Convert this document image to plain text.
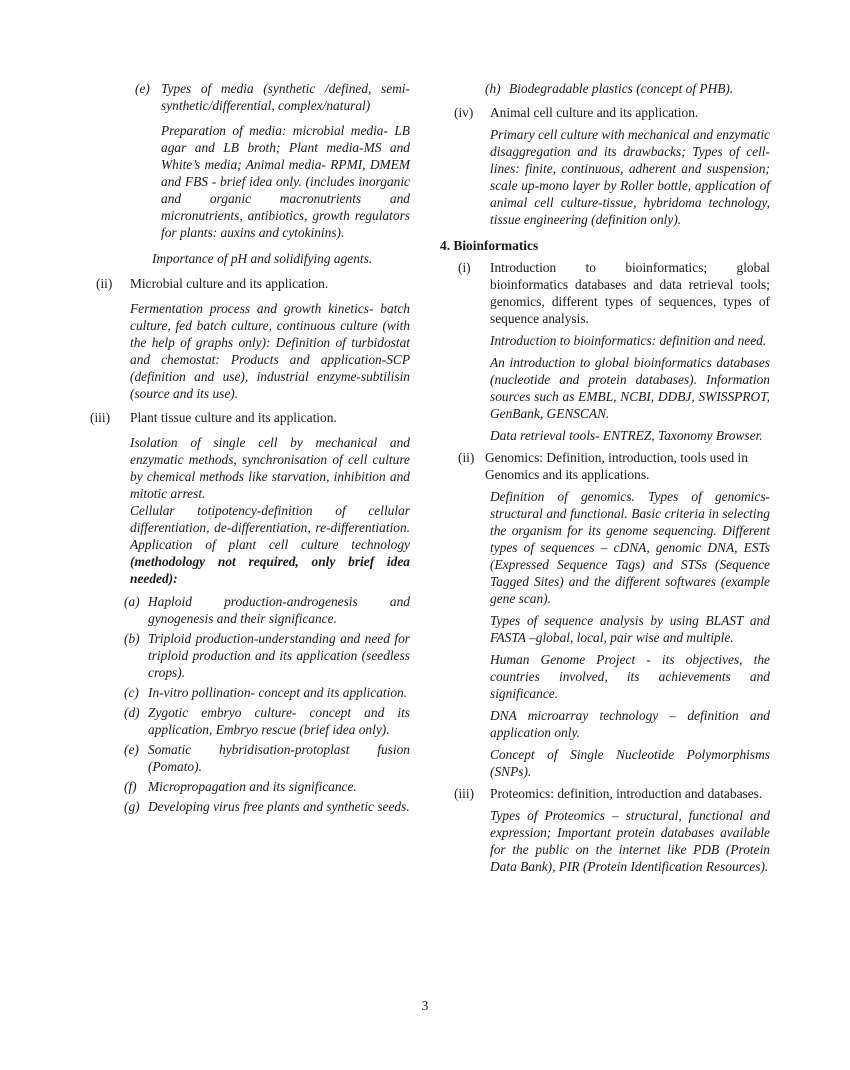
(e) Types of media (synthetic /defined, semi-synthetic/differential, complex/natural)

Preparation of media: microbial media- LB agar and LB broth; Plant media-MS and White’s media; Animal media- RPMI, DMEM and FBS - brief idea only. (includes inorganic and organic macronutrients and micronutrients, antibiotics, growth regulators for plants: auxins and cytokinins).

Importance of pH and solidifying agents.

(ii)	Microbial culture and its application.

Fermentation process and growth kinetics- batch culture, fed batch culture, continuous culture (with the help of graphs only): Definition of turbidostat and chemostat: Products and application-SCP (definition and use), industrial enzyme-subtilisin (source and its use).

(iii)	Plant tissue culture and its application.

Isolation of single cell by mechanical and enzymatic methods, synchronisation of cell culture by chemical methods like starvation, inhibition and mitotic arrest.

Cellular totipotency-definition of cellular differentiation, de-differentiation, re-differentiation. Application of plant cell culture technology (methodology not required, only brief idea needed):

(a) Haploid production-androgenesis and gynogenesis and their significance.

(b) Triploid production-understanding and need for triploid production and its application (seedless crops).

(c) In-vitro pollination- concept and its application.

(d) Zygotic embryo culture- concept and its application, Embryo rescue (brief idea only).

(e) Somatic hybridisation-protoplast fusion (Pomato).

(f) Micropropagation and its significance.

(g) Developing virus free plants and synthetic seeds.

(h) Biodegradable plastics (concept of PHB).

(iv)	Animal cell culture and its application.

Primary cell culture with mechanical and enzymatic disaggregation and its drawbacks; Types of cell-lines: finite, continuous, adherent and suspension; scale up-mono layer by Roller bottle, application of animal cell culture-tissue, hybridoma technology, tissue engineering (definition only).

4. Bioinformatics

(i)	Introduction to bioinformatics; global bioinformatics databases and data retrieval tools; genomics, different types of sequences, types of sequence analysis.

Introduction to bioinformatics: definition and need.

An introduction to global bioinformatics databases (nucleotide and protein databases). Information sources such as EMBL, NCBI, DDBJ, SWISSPROT, GenBank, GENSCAN.

Data retrieval tools- ENTREZ, Taxonomy Browser.

(ii) Genomics: Definition, introduction, tools used in Genomics and its applications.

Definition of genomics. Types of genomics- structural and functional. Basic criteria in selecting the organism for its genome sequencing. Different types of sequences – cDNA, genomic DNA, ESTs (Expressed Sequence Tags) and STSs (Sequence Tagged Sites) and the different softwares (example gene scan).

Types of sequence analysis by using BLAST and FASTA –global, local, pair wise and multiple.

Human Genome Project - its objectives, the countries involved, its achievements and significance.

DNA microarray technology – definition and application only.

Concept of Single Nucleotide Polymorphisms (SNPs).

(iii)	Proteomics: definition, introduction and databases.

Types of Proteomics – structural, functional and expression; Important protein databases available for the public on the internet like PDB (Protein Data Bank), PIR (Protein Identification Resources).

3
